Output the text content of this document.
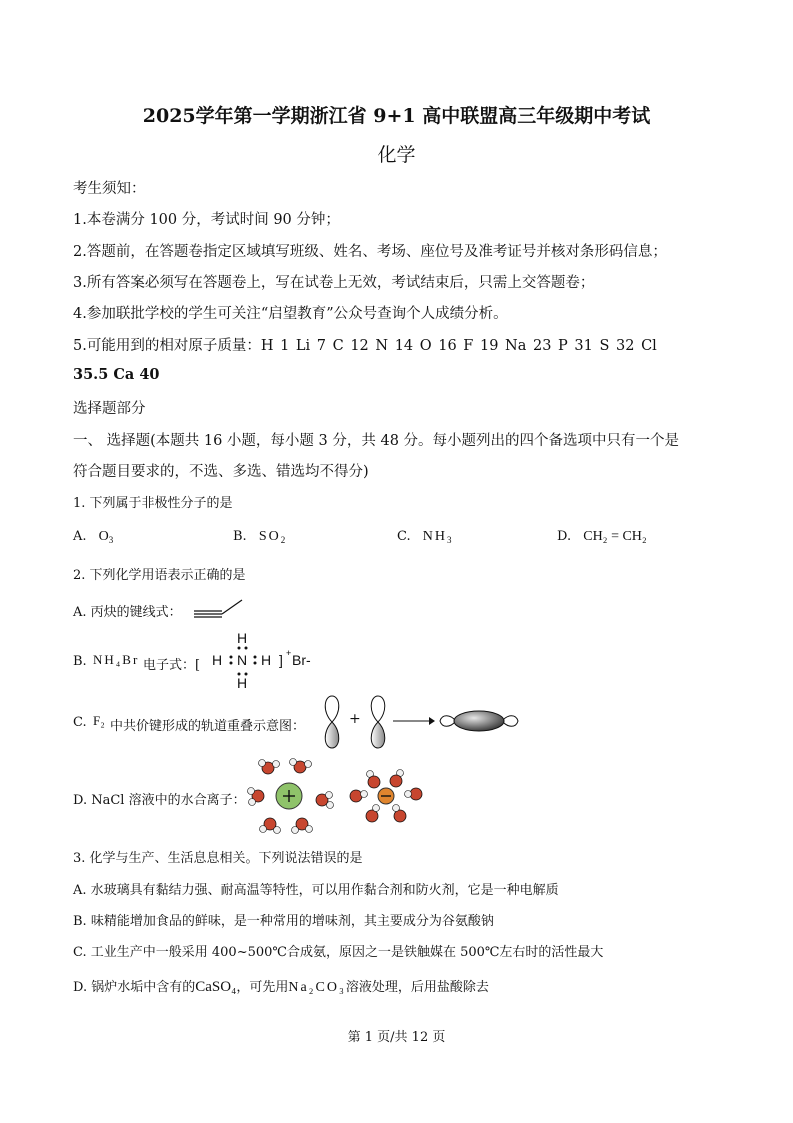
2025学年第一学期浙江省 9+1 高中联盟高三年级期中考试
化学
考生须知：
1.本卷满分 100 分，考试时间 90 分钟；
2.答题前，在答题卷指定区域填写班级、姓名、考场、座位号及准考证号并核对条形码信息；
3.所有答案必须写在答题卷上，写在试卷上无效，考试结束后，只需上交答题卷；
4.参加联批学校的学生可关注“启望教育”公众号查询个人成绩分析。
5.可能用到的相对原子质量：H 1 Li 7 C 12 N 14 O 16 F 19 Na 23 P 31 S 32 Cl
35.5 Ca 40
选择题部分
一、 选择题(本题共 16 小题，每小题 3 分，共 48 分。每小题列出的四个备选项中只有一个是
符合题目要求的，不选、多选、错选均不得分)
1. 下列属于非极性分子的是
A. $O_3$	B. $SO_2$	C. $NH_3$	D. CH₂ = CH₂
2. 下列化学用语表示正确的是
A. 丙炔的键线式：
B. NH₄Br 电子式：[ H N H
H
H
] + Br-
C. F₂ 中共价键形成的轨道重叠示意图：	+
D. NaCl 溶液中的水合离子：
3. 化学与生产、生活息息相关。下列说法错误的是
A. 水玻璃具有黏结力强、耐高温等特性，可以用作黏合剂和防火剂，它是一种电解质
B. 味精能增加食品的鲜味，是一种常用的增味剂，其主要成分为谷氨酸钠
C. 工业生产中一般采用 400~500℃合成氨，原因之一是铁触媒在 500℃左右时的活性最大
D. 锅炉水垢中含有的CaSO₄，可先用Na₂CO₃溶液处理，后用盐酸除去
第 1 页/共 12 页
